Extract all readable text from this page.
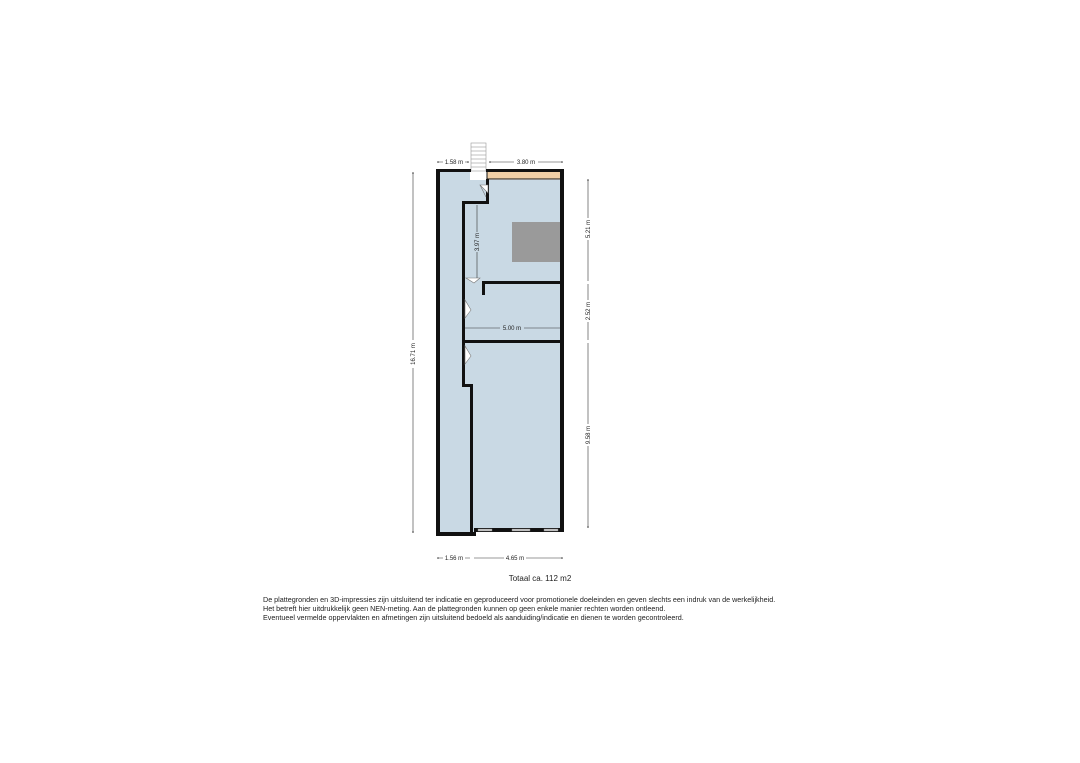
1.58 m	3.80 m
16.71 m
5.21 m
2.52 m
9.58 m
3.97 m
5.00 m
1.56 m	4.65 m
Totaal ca. 112 m2
De plattegronden en 3D-impressies zijn uitsluitend ter indicatie en geproduceerd voor promotionele doeleinden en geven slechts een indruk van de werkelijkheid.
Het betreft hier uitdrukkelijk geen NEN-meting. Aan de plattegronden kunnen op geen enkele manier rechten worden ontleend.
Eventueel vermelde oppervlakten en afmetingen zijn uitsluitend bedoeld als aanduiding/indicatie en dienen te worden gecontroleerd.
